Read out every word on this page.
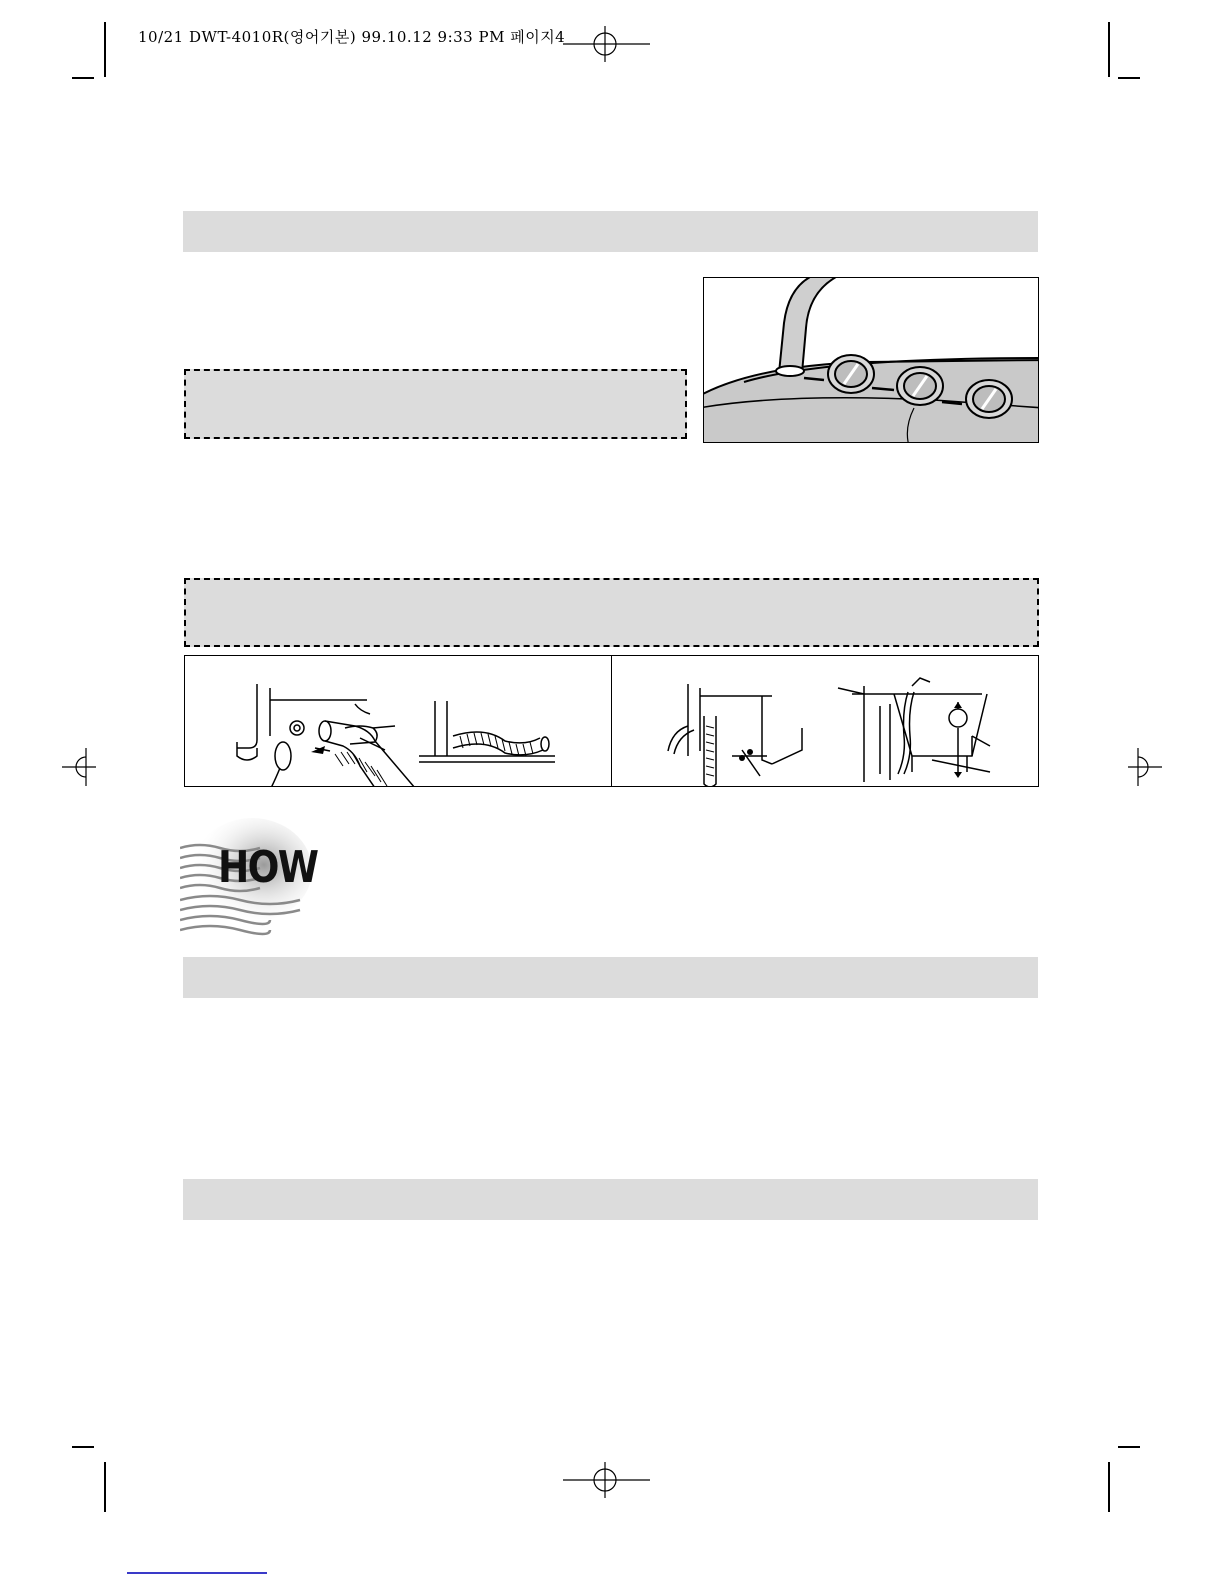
10/21 DWT-4010R(영어기본) 99.10.12 9:33 PM 페이지4
HOW
